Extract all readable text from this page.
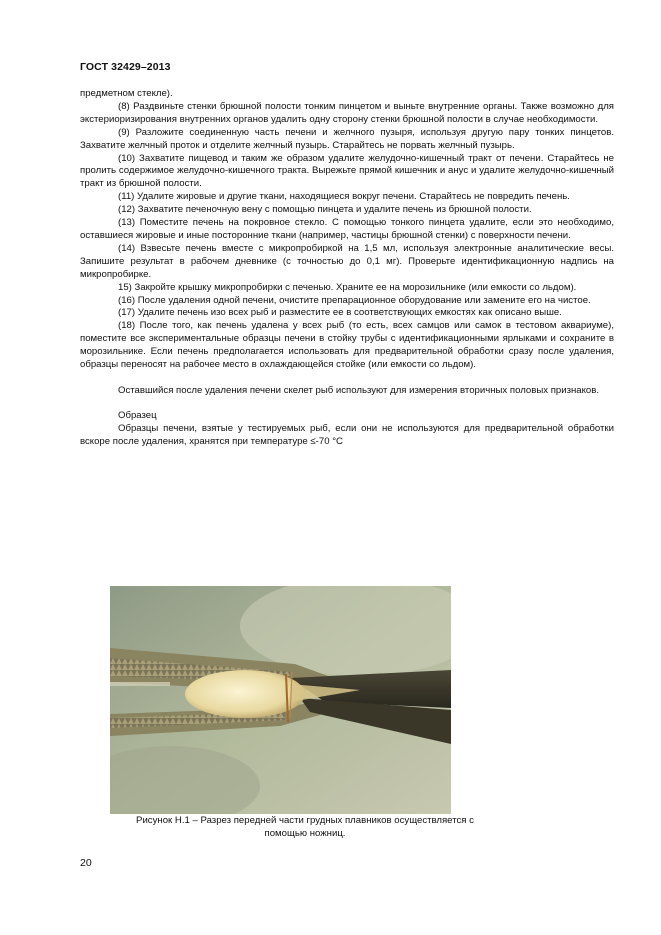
ГОСТ 32429–2013

предметном стекле).

(8) Раздвиньте стенки брюшной полости тонким пинцетом и выньте внутренние органы. Также возможно для экстериоризирования внутренних органов удалить одну сторону стенки брюшной полости в случае необходимости.

(9) Разложите соединенную часть печени и желчного пузыря, используя другую пару тонких пинцетов. Захватите желчный проток и отделите желчный пузырь. Старайтесь не порвать желчный пузырь.

(10) Захватите пищевод и таким же образом удалите желудочно-кишечный тракт от печени. Старайтесь не пролить содержимое желудочно-кишечного тракта. Вырежьте прямой кишечник и анус и удалите желудочно-кишечный тракт из брюшной полости.

(11) Удалите жировые и другие ткани, находящиеся вокруг печени. Старайтесь не повредить печень.

(12) Захватите печеночную вену с помощью пинцета и удалите печень из брюшной полости.

(13) Поместите печень на покровное стекло. С помощью тонкого пинцета удалите, если это необходимо, оставшиеся жировые и иные посторонние ткани (например, частицы брюшной стенки) с поверхности печени.

(14) Взвесьте печень вместе с микропробиркой на 1,5 мл, используя электронные аналитические весы. Запишите результат в рабочем дневнике (с точностью до 0,1 мг). Проверьте идентификационную надпись на микропробирке.

15) Закройте крышку микропробирки с печенью. Храните ее на морозильнике (или емкости со льдом).

(16) После удаления одной печени, очистите препарационное оборудование или замените его на чистое.

(17) Удалите печень изо всех рыб и разместите ее в соответствующих емкостях как описано выше.

(18) После того, как печень удалена у всех рыб (то есть, всех самцов или самок в тестовом аквариуме), поместите все экспериментальные образцы печени в стойку трубы с идентификационными ярлыками и сохраните в морозильнике. Если печень предполагается использовать для предварительной обработки сразу после удаления, образцы переносят на рабочее место в охлаждающейся стойке (или емкости со льдом).

Оставшийся после удаления печени скелет рыб используют для измерения вторичных половых признаков.

Образец

Образцы печени, взятые у тестируемых рыб, если они не используются для предварительной обработки вскоре после удаления, хранятся при температуре ≤-70 °С

Рисунок Н.1 – Разрез передней части грудных плавников осуществляется с
помощью ножниц.
20
